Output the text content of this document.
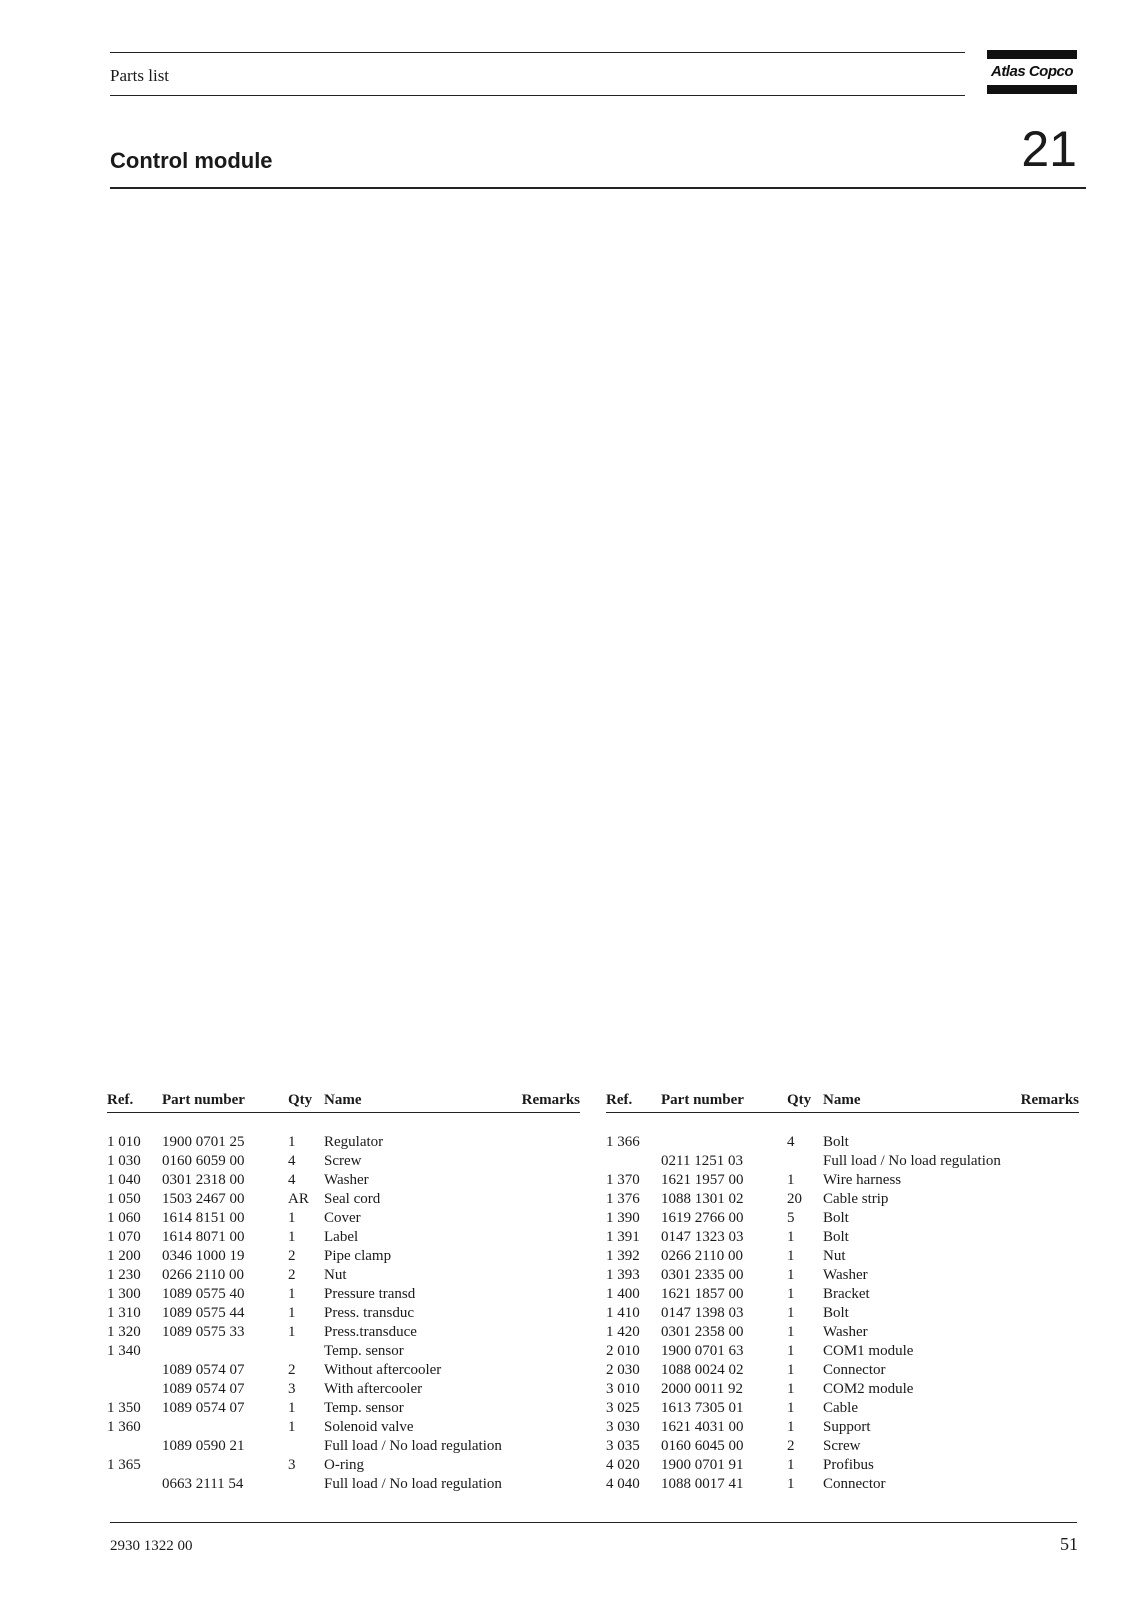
Parts list	Atlas Copco
Control module	21
Ref. Part number	Qty Name	Remarks
1 010 1900 0701 25	1 Regulator
1 030 0160 6059 00	4 Screw
1 040 0301 2318 00	4 Washer
1 050 1503 2467 00	AR Seal cord
1 060 1614 8151 00	1 Cover
1 070 1614 8071 00	1 Label
1 200 0346 1000 19	2 Pipe clamp
1 230 0266 2110 00	2 Nut
1 300 1089 0575 40	1 Pressure transd
1 310 1089 0575 44	1 Press. transduc
1 320 1089 0575 33	1 Press.transduce
1 340	Temp. sensor
1089 0574 07	2 Without aftercooler
1089 0574 07	3 With aftercooler
1 350 1089 0574 07	1 Temp. sensor
1 360	1 Solenoid valve
1089 0590 21	Full load / No load regulation
1 365	3 O-ring
0663 2111 54	Full load / No load regulation
Ref. Part number	Qty Name	Remarks
1 366	4 Bolt
0211 1251 03	Full load / No load regulation
1 370 1621 1957 00	1 Wire harness
1 376 1088 1301 02	20 Cable strip
1 390 1619 2766 00	5 Bolt
1 391 0147 1323 03	1 Bolt
1 392 0266 2110 00	1 Nut
1 393 0301 2335 00	1 Washer
1 400 1621 1857 00	1 Bracket
1 410 0147 1398 03	1 Bolt
1 420 0301 2358 00	1 Washer
2 010 1900 0701 63	1 COM1 module
2 030 1088 0024 02	1 Connector
3 010 2000 0011 92	1 COM2 module
3 025 1613 7305 01	1 Cable
3 030 1621 4031 00	1 Support
3 035 0160 6045 00	2 Screw
4 020 1900 0701 91	1 Profibus
4 040 1088 0017 41	1 Connector
2930 1322 00	51
